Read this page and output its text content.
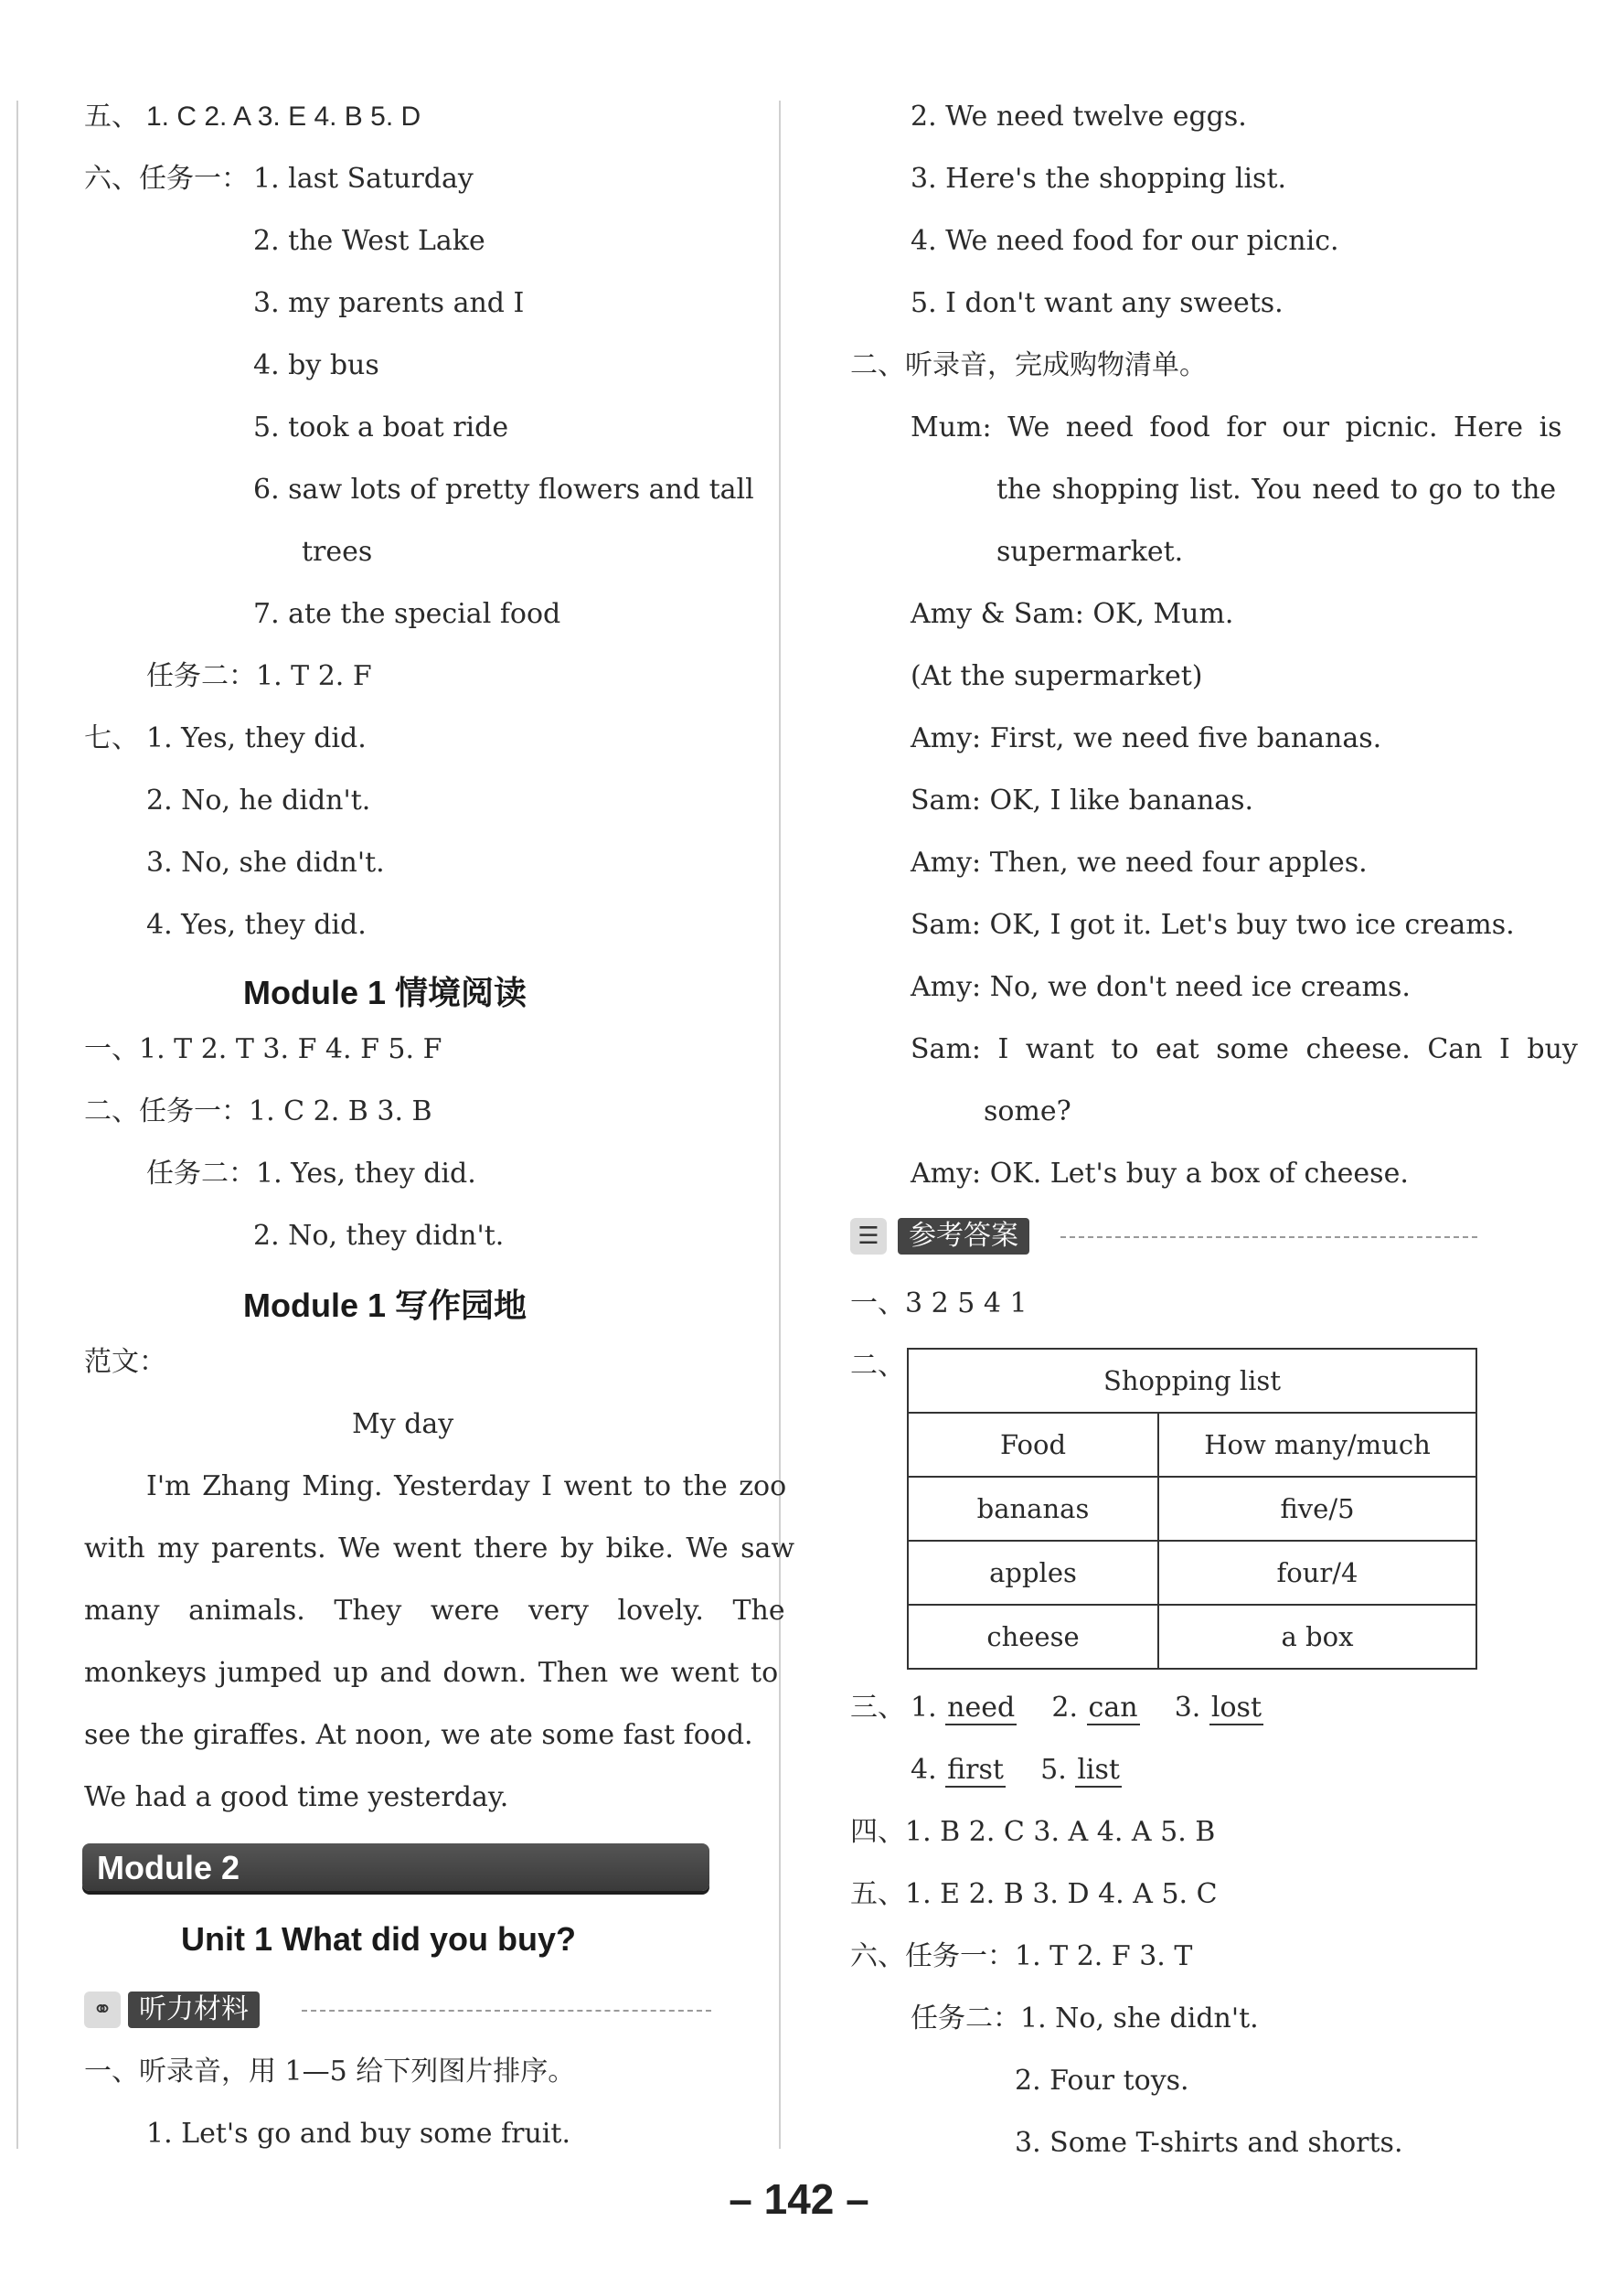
五、 1. C 2. A 3. E 4. B 5. D
六、任务一： 1. last Saturday
2. the West Lake
3. my parents and I
4. by bus
5. took a boat ride
6. saw lots of pretty flowers and tall
trees
7. ate the special food
任务二：1. T 2. F
七、 1. Yes, they did.
2. No, he didn't.
3. No, she didn't.
4. Yes, they did.
Module 1 情境阅读
一、1. T 2. T 3. F 4. F 5. F
二、任务一：1. C 2. B 3. B
任务二：1. Yes, they did.
2. No, they didn't.
Module 1 写作园地
范文：
My day
I'm Zhang Ming. Yesterday I went to the zoo
with my parents. We went there by bike. We saw
many animals. They were very lovely. The
monkeys jumped up and down. Then we went to
see the giraffes. At noon, we ate some fast food.
We had a good time yesterday.
Module 2
Unit 1 What did you buy?
⚭ 听力材料
一、听录音，用 1—5 给下列图片排序。
1. Let's go and buy some fruit.
2. We need twelve eggs.
3. Here's the shopping list.
4. We need food for our picnic.
5. I don't want any sweets.
二、听录音，完成购物清单。
Mum: We need food for our picnic. Here is
the shopping list. You need to go to the
supermarket.
Amy & Sam: OK, Mum.
(At the supermarket)
Amy: First, we need five bananas.
Sam: OK, I like bananas.
Amy: Then, we need four apples.
Sam: OK, I got it. Let's buy two ice creams.
Amy: No, we don't need ice creams.
Sam: I want to eat some cheese. Can I buy
some?
Amy: OK. Let's buy a box of cheese.
☰	参考答案
一、3 2 5 4 1
二、	Shopping list	
Food	How many/much
bananas	five/5
apples	four/4
cheese	a box
三、 1. need 2. can 3. lost
4. first 5. list
四、1. B 2. C 3. A 4. A 5. B
五、1. E 2. B 3. D 4. A 5. C
六、任务一：1. T 2. F 3. T
任务二：1. No, she didn't.
2. Four toys.
3. Some T-shirts and shorts.
– 142 –
